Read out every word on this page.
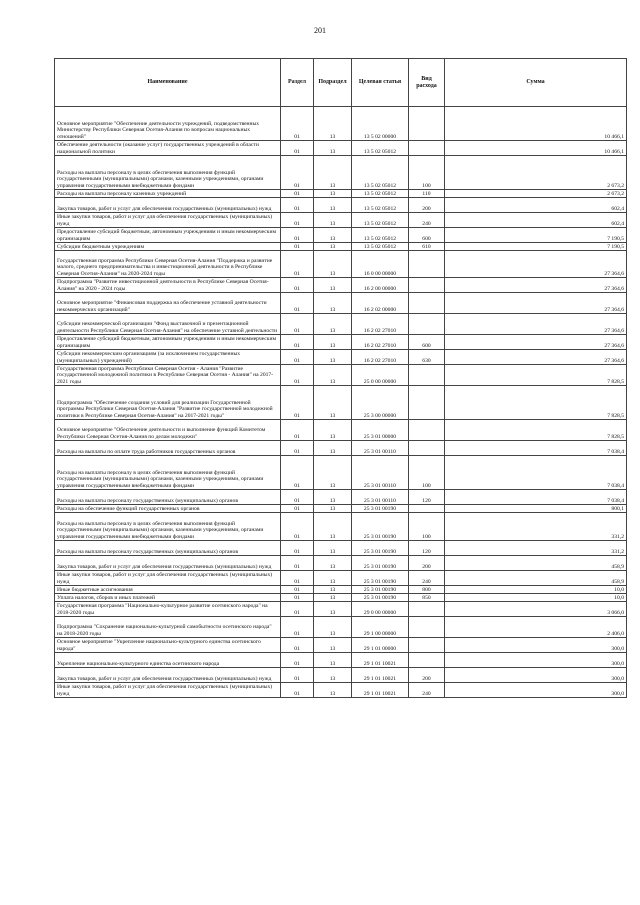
201
Наименование	Раздел	Подраздел	Целевая статья	Вид расхода	Сумма
Основное мероприятие "Обеспечение деятельности учреждений, подведомственных Министерству Республики Северная Осетия-Алания по вопросам национальных отношений"	01	13	13 5 02 00000		10 466,1
Обеспечение деятельности (оказание услуг) государственных учреждений в области национальной политики	01	13	13 5 02 05012		10 466,1
Расходы на выплаты персоналу в целях обеспечения выполнения функций государственными (муниципальными) органами, казенными учреждениями, органами управления государственными внебюджетными фондами	01	13	13 5 02 05012	100	2 673,2
Расходы на выплаты персоналу казенных учреждений	01	13	13 5 02 05012	110	2 673,2
Закупка товаров, работ и услуг для обеспечения государственных (муниципальных) нужд	01	13	13 5 02 05012	200	602,4
Иные закупки товаров, работ и услуг для обеспечения государственных (муниципальных) нужд	01	13	13 5 02 05012	240	602,4
Предоставление субсидий бюджетным, автономным учреждениям и иным некоммерческим организациям	01	13	13 5 02 05012	600	7 190,5
Субсидии бюджетным учреждениям	01	13	13 5 02 05012	610	7 190,5
Государственная программа Республики Северная Осетия-Алания "Поддержка и развитие малого, среднего предпринимательства и инвестиционной деятельности в Республике Северная Осетия-Алания" на 2020-2024 годы	01	13	16 0 00 00000		27 364,6
Подпрограмма "Развитие инвестиционной деятельности в Республике Северная Осетия-Алания" на 2020 - 2024 годы	01	13	16 2 00 00000		27 364,6
Основное мероприятие "Финансовая поддержка на обеспечение уставной деятельности некоммерческих организаций"	01	13	16 2 02 00000		27 364,6
Субсидии некоммерческой организации "Фонд выставочной и презентационной деятельности Республики Северная Осетия-Алания" на обеспечение уставной деятельности	01	13	16 2 02 27010		27 364,6
Предоставление субсидий бюджетным, автономным учреждениям и иным некоммерческим организациям	01	13	16 2 02 27010	600	27 364,6
Субсидии некоммерческим организациям (за исключением государственных (муниципальных) учреждений)	01	13	16 2 02 27010	630	27 364,6
Государственная программа Республики Северная Осетия - Алания "Развитие государственной молодежной политики в Республике Северная Осетия - Алания" на 2017-2021 годы	01	13	25 0 00 00000		7 828,5
Подпрограмма "Обеспечение создания условий для реализации Государственной программы Республики Северная Осетия-Алания "Развитие государственной молодежной политики в Республике Северная Осетия-Алания" на 2017-2021 годы"	01	13	25 3 00 00000		7 828,5
Основное мероприятие "Обеспечение деятельности и выполнение функций Комитетом Республики Северная Осетия-Алания по делам молодежи"	01	13	25 3 01 00000		7 828,5
Расходы на выплаты по оплате труда работников государственных органов	01	13	25 3 01 00110		7 038,4
Расходы на выплаты персоналу в целях обеспечения выполнения функций государственными (муниципальными) органами, казенными учреждениями, органами управления государственными внебюджетными фондами	01	13	25 3 01 00110	100	7 038,4
Расходы на выплаты персоналу государственных (муниципальных) органов	01	13	25 3 01 00110	120	7 038,4
Расходы на обеспечение функций государственных органов	01	13	25 3 01 00190		800,1
Расходы на выплаты персоналу в целях обеспечения выполнения функций государственными (муниципальными) органами, казенными учреждениями, органами управления государственными внебюджетными фондами	01	13	25 3 01 00190	100	331,2
Расходы на выплаты персоналу государственных (муниципальных) органов	01	13	25 3 01 00190	120	331,2
Закупка товаров, работ и услуг для обеспечения государственных (муниципальных) нужд	01	13	25 3 01 00190	200	458,9
Иные закупки товаров, работ и услуг для обеспечения государственных (муниципальных) нужд	01	13	25 3 01 00190	240	458,9
Иные бюджетные ассигнования	01	13	25 3 01 00190	800	10,0
Уплата налогов, сборов и иных платежей	01	13	25 3 01 00190	850	10,0
Государственная программа "Национально-культурное развитие осетинского народа" на 2018-2020 годы	01	13	29 0 00 00000		3 066,0
Подпрограмма "Сохранение национально-культурной самобытности осетинского народа" на 2018-2020 годы	01	13	29 1 00 00000		2 406,0
Основное мероприятие "Укрепление национально-культурного единства осетинского народа"	01	13	29 1 01 00000		300,0
Укрепление национально-культурного единства осетинского народа	01	13	29 1 01 10021		300,0
Закупка товаров, работ и услуг для обеспечения государственных (муниципальных) нужд	01	13	29 1 01 10021	200	300,0
Иные закупки товаров, работ и услуг для обеспечения государственных (муниципальных) нужд	01	13	29 1 01 10021	240	300,0
